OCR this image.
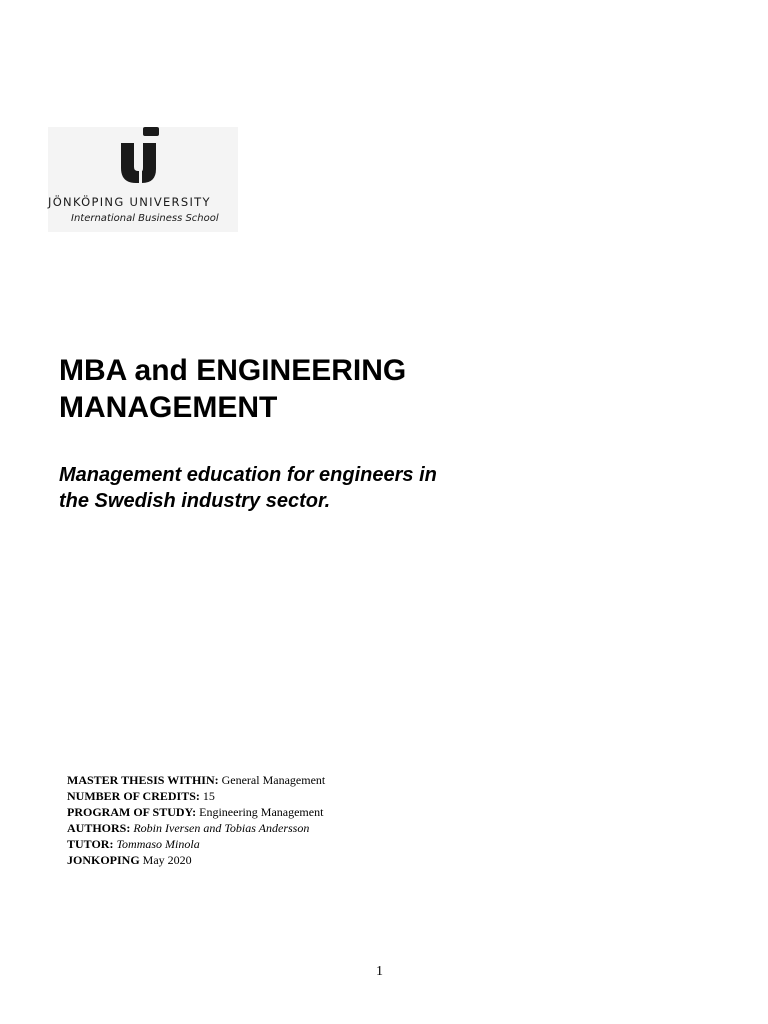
JÖNKÖPING UNIVERSITY
International Business School
MBA and ENGINEERING
MANAGEMENT
Management education for engineers in
the Swedish industry sector.
MASTER THESIS WITHIN: General Management
NUMBER OF CREDITS: 15
PROGRAM OF STUDY: Engineering Management
AUTHORS: Robin Iversen and Tobias Andersson
TUTOR: Tommaso Minola
JONKOPING May 2020
1
